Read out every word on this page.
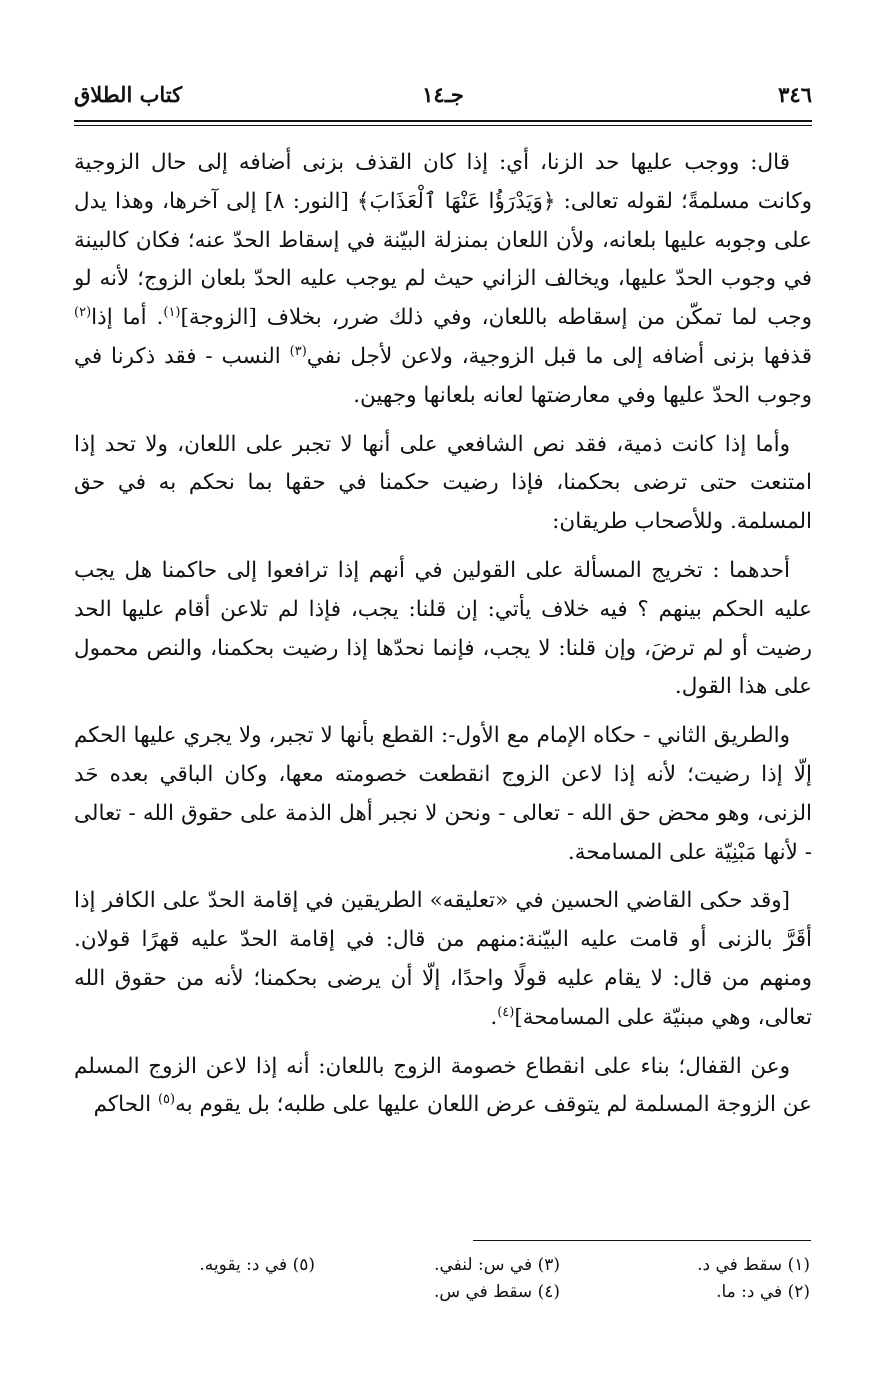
٣٤٦
جـ١٤
كتاب الطلاق

قال: ووجب عليها حد الزنا، أي: إذا كان القذف بزنى أضافه إلى حال الزوجية وكانت مسلمةً؛ لقوله تعالى: ﴿وَيَدْرَؤُا عَنْهَا ٱلْعَذَابَ﴾ [النور: ٨] إلى آخرها، وهذا يدل على وجوبه عليها بلعانه، ولأن اللعان بمنزلة البيّنة في إسقاط الحدّ عنه؛ فكان كالبينة في وجوب الحدّ عليها، ويخالف الزاني حيث لم يوجب عليه الحدّ بلعان الزوج؛ لأنه لو وجب لما تمكّن من إسقاطه باللعان، وفي ذلك ضرر، بخلاف [الزوجة]$^{(١)}$. أما إذا$^{(٢)}$ قذفها بزنى أضافه إلى ما قبل الزوجية، ولاعن لأجل نفي$^{(٣)}$ النسب - فقد ذكرنا في وجوب الحدّ عليها وفي معارضتها لعانه بلعانها وجهين.

وأما إذا كانت ذمية، فقد نص الشافعي على أنها لا تجبر على اللعان، ولا تحد إذا امتنعت حتى ترضى بحكمنا، فإذا رضيت حكمنا في حقها بما نحكم به في حق المسلمة. وللأصحاب طريقان:

أحدهما : تخريج المسألة على القولين في أنهم إذا ترافعوا إلى حاكمنا هل يجب عليه الحكم بينهم ؟ فيه خلاف يأتي: إن قلنا: يجب، فإذا لم تلاعن أقام عليها الحد رضيت أو لم ترضَ، وإن قلنا: لا يجب، فإنما نحدّها إذا رضيت بحكمنا، والنص محمول على هذا القول.

والطريق الثاني - حكاه الإمام مع الأول-: القطع بأنها لا تجبر، ولا يجري عليها الحكم إلّا إذا رضيت؛ لأنه إذا لاعن الزوج انقطعت خصومته معها، وكان الباقي بعده حَد الزنى، وهو محض حق الله - تعالى - ونحن لا نجبر أهل الذمة على حقوق الله - تعالى - لأنها مَبْنِيّة على المسامحة.

[وقد حكى القاضي الحسين في «تعليقه» الطريقين في إقامة الحدّ على الكافر إذا أقَرَّ بالزنى أو قامت عليه البيّنة:منهم من قال: في إقامة الحدّ عليه قهرًا قولان. ومنهم من قال: لا يقام عليه قولًا واحدًا، إلّا أن يرضى بحكمنا؛ لأنه من حقوق الله تعالى، وهي مبنيّة على المسامحة]$^{(٤)}$.

وعن القفال؛ بناء على انقطاع خصومة الزوج باللعان: أنه إذا لاعن الزوج المسلم عن الزوجة المسلمة لم يتوقف عرض اللعان عليها على طلبه؛ بل يقوم به$^{(٥)}$ الحاكم

(١) سقط في د.
(٢) في د: ما.
(٣) في س: لنفي.
(٤) سقط في س.
(٥) في د: يقويه.
